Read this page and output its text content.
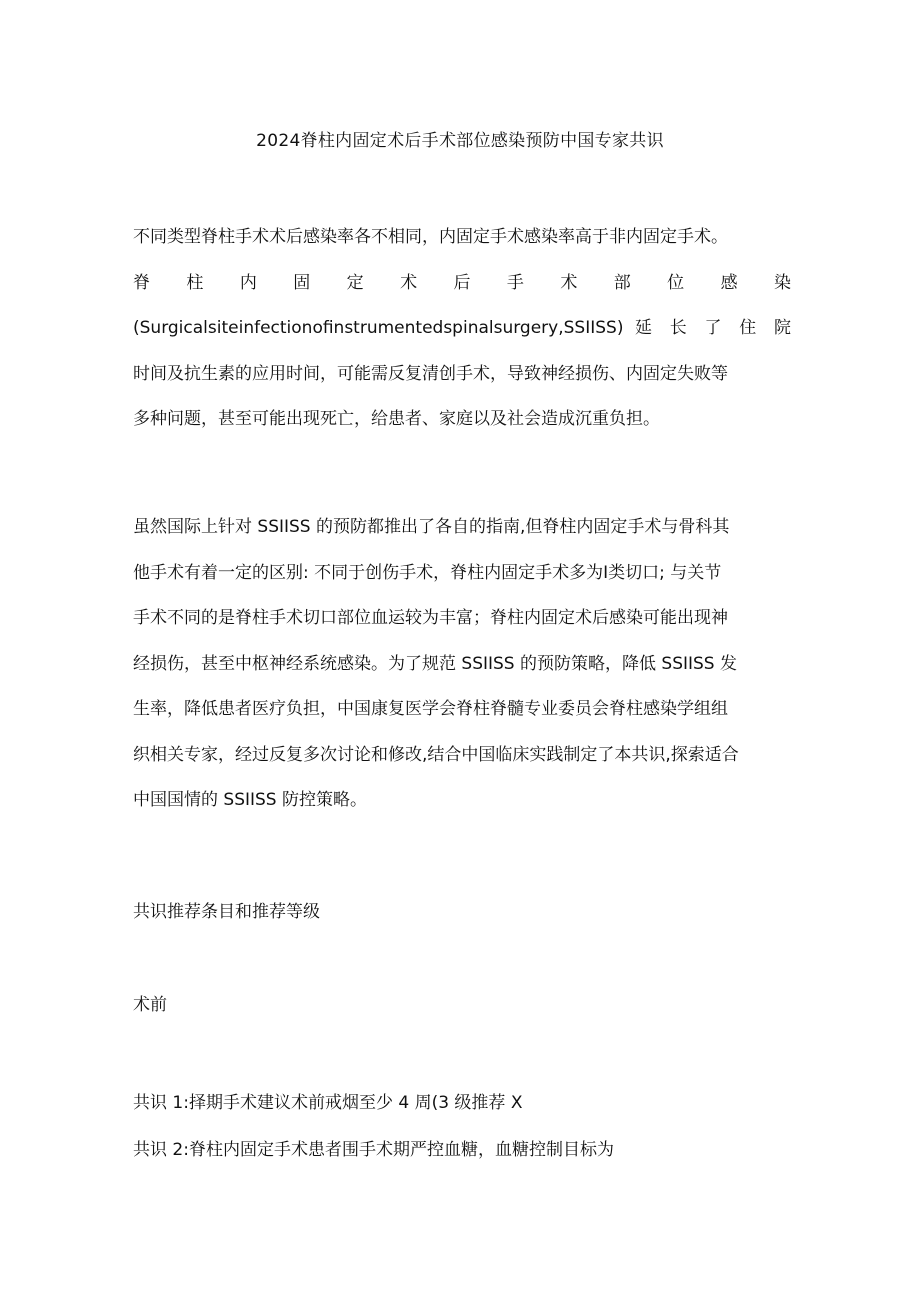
2024脊柱内固定术后手术部位感染预防中国专家共识
不同类型脊柱手术术后感染率各不相同，内固定手术感染率高于非内固定手术。
脊 柱 内 固 定 术 后 手 术 部 位 感 染
(Surgicalsiteinfectionofinstrumentedspinalsurgery,SSIISS) 延 长 了 住 院
时间及抗生素的应用时间，可能需反复清创手术，导致神经损伤、内固定失败等
多种问题，甚至可能出现死亡，给患者、家庭以及社会造成沉重负担。
虽然国际上针对 SSIISS 的预防都推出了各自的指南,但脊柱内固定手术与骨科其
他手术有着一定的区别: 不同于创伤手术，脊柱内固定手术多为Ⅰ类切口; 与关节
手术不同的是脊柱手术切口部位血运较为丰富；脊柱内固定术后感染可能出现神
经损伤，甚至中枢神经系统感染。为了规范 SSIISS 的预防策略，降低 SSIISS 发
生率，降低患者医疗负担，中国康复医学会脊柱脊髓专业委员会脊柱感染学组组
织相关专家，经过反复多次讨论和修改,结合中国临床实践制定了本共识,探索适合
中国国情的 SSIISS 防控策略。

共识推荐条目和推荐等级

术前

共识 1:择期手术建议术前戒烟至少 4 周(3 级推荐 X

共识 2:脊柱内固定手术患者围手术期严控血糖，血糖控制目标为
